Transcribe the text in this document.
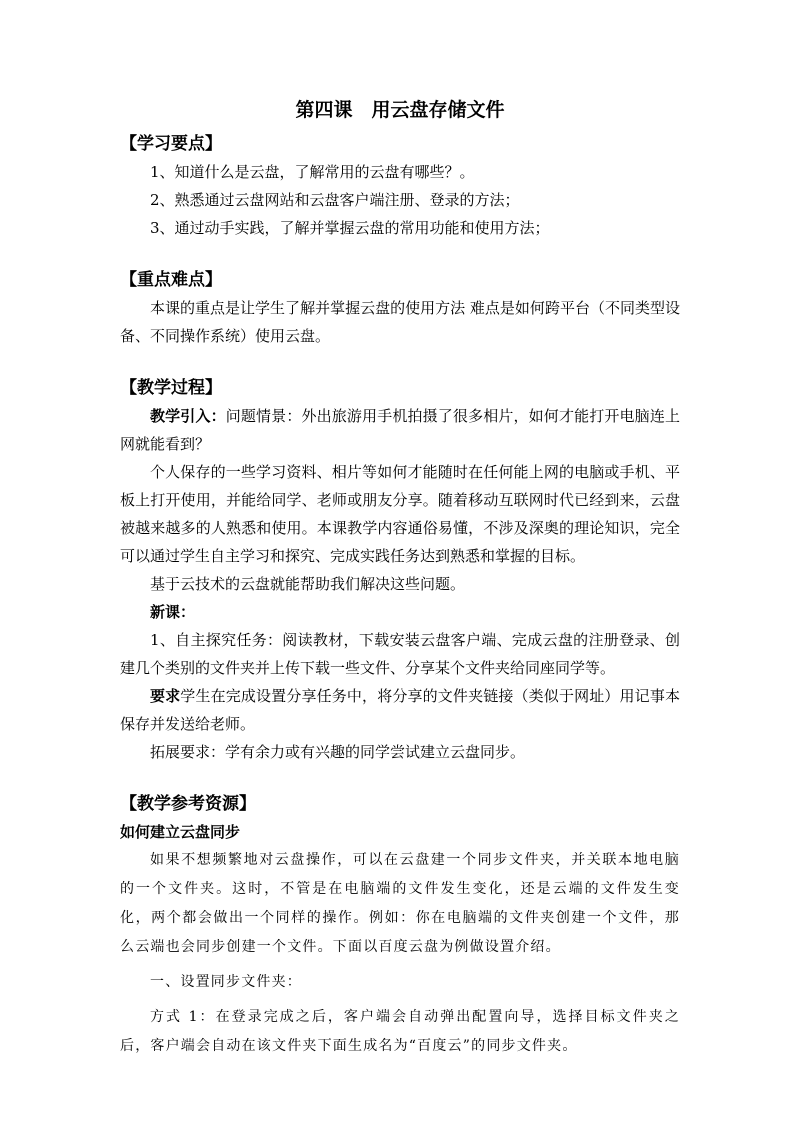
第四课　用云盘存储文件
【学习要点】
1、知道什么是云盘，了解常用的云盘有哪些？。
2、熟悉通过云盘网站和云盘客户端注册、登录的方法；
3、通过动手实践，了解并掌握云盘的常用功能和使用方法；
【重点难点】

本课的重点是让学生了解并掌握云盘的使用方法 难点是如何跨平台（不同类型设备、不同操作系统）使用云盘。

【教学过程】

教学引入：问题情景：外出旅游用手机拍摄了很多相片，如何才能打开电脑连上网就能看到？

个人保存的一些学习资料、相片等如何才能随时在任何能上网的电脑或手机、平板上打开使用，并能给同学、老师或朋友分享。随着移动互联网时代已经到来，云盘被越来越多的人熟悉和使用。本课教学内容通俗易懂，不涉及深奥的理论知识，完全可以通过学生自主学习和探究、完成实践任务达到熟悉和掌握的目标。

基于云技术的云盘就能帮助我们解决这些问题。

新课：

1、自主探究任务：阅读教材，下载安装云盘客户端、完成云盘的注册登录、创建几个类别的文件夹并上传下载一些文件、分享某个文件夹给同座同学等。

要求学生在完成设置分享任务中，将分享的文件夹链接（类似于网址）用记事本保存并发送给老师。

拓展要求：学有余力或有兴趣的同学尝试建立云盘同步。

【教学参考资源】
如何建立云盘同步

如果不想频繁地对云盘操作，可以在云盘建一个同步文件夹，并关联本地电脑的一个文件夹。这时，不管是在电脑端的文件发生变化，还是云端的文件发生变化，两个都会做出一个同样的操作。例如：你在电脑端的文件夹创建一个文件，那么云端也会同步创建一个文件。下面以百度云盘为例做设置介绍。

一、设置同步文件夹：

方式 1：在登录完成之后，客户端会自动弹出配置向导，选择目标文件夹之后，客户端会自动在该文件夹下面生成名为“百度云”的同步文件夹。
